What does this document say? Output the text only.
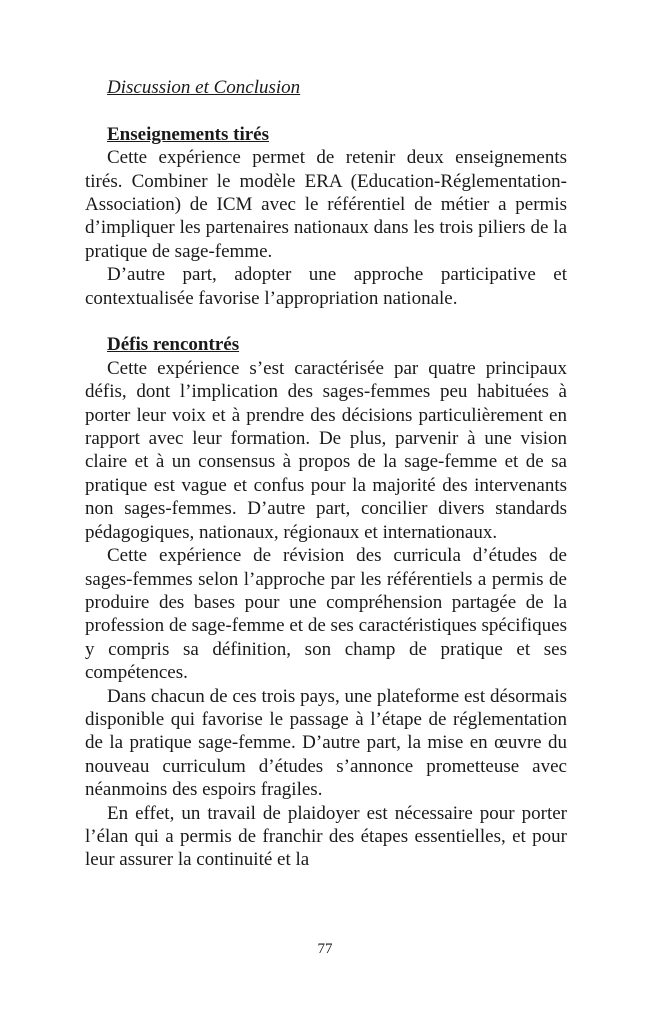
Discussion et Conclusion
Enseignements tirés

Cette expérience permet de retenir deux enseignements tirés. Combiner le modèle ERA (Education-Réglementation-Association) de ICM avec le référentiel de métier a permis d’impliquer les partenaires nationaux dans les trois piliers de la pratique de sage-femme.

D’autre part, adopter une approche participative et contextualisée favorise l’appropriation nationale.

Défis rencontrés

Cette expérience s’est caractérisée par quatre principaux défis, dont l’implication des sages-femmes peu habituées à porter leur voix et à prendre des décisions particulièrement en rapport avec leur formation. De plus, parvenir à une vision claire et à un consensus à propos de la sage-femme et de sa pratique est vague et confus pour la majorité des intervenants non sages-femmes. D’autre part, concilier divers standards pédagogiques, nationaux, régionaux et internationaux.

Cette expérience de révision des curricula d’études de sages-femmes selon l’approche par les référentiels a permis de produire des bases pour une compréhension partagée de la profession de sage-femme et de ses caractéristiques spécifiques y compris sa définition, son champ de pratique et ses compétences.

Dans chacun de ces trois pays, une plateforme est désormais disponible qui favorise le passage à l’étape de réglementation de la pratique sage-femme. D’autre part, la mise en œuvre du nouveau curriculum d’études s’annonce prometteuse avec néanmoins des espoirs fragiles.

En effet, un travail de plaidoyer est nécessaire pour porter l’élan qui a permis de franchir des étapes essentielles, et pour leur assurer la continuité et la

77
